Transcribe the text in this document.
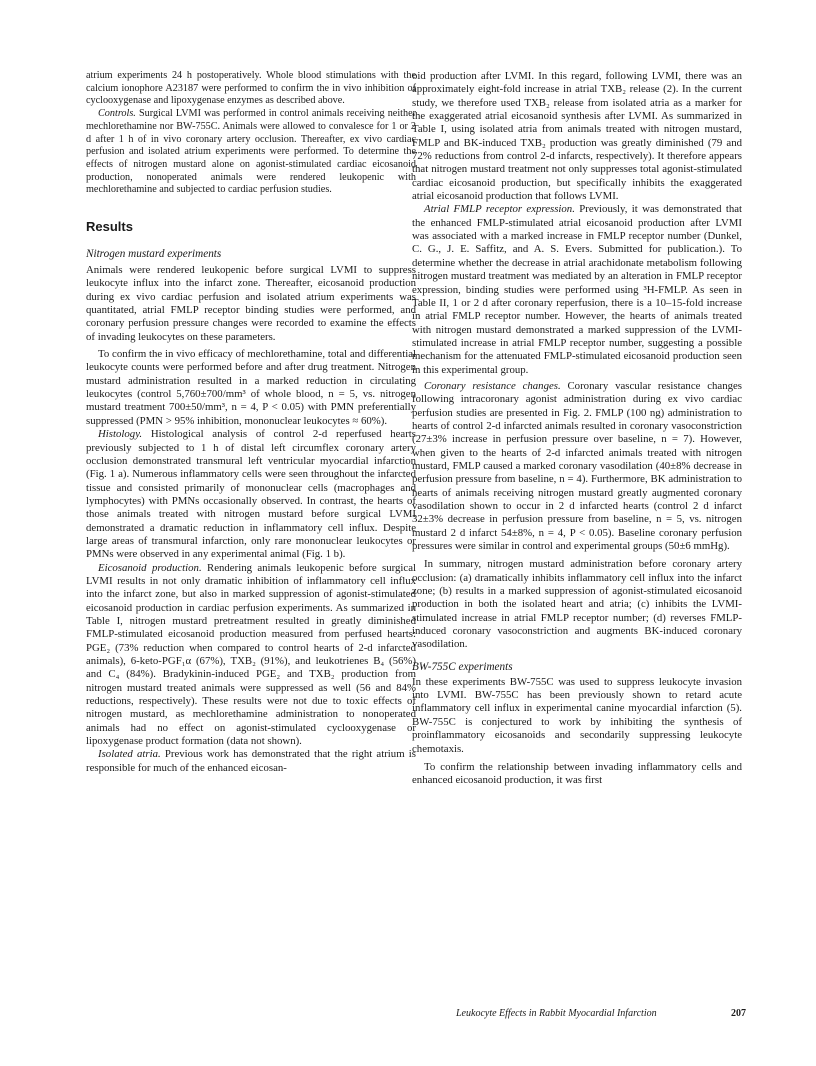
atrium experiments 24 h postoperatively. Whole blood stimulations with the calcium ionophore A23187 were performed to confirm the in vivo inhibition of cyclooxygenase and lipoxygenase enzymes as described above.

Controls. Surgical LVMI was performed in control animals receiving neither mechlorethamine nor BW-755C. Animals were allowed to convalesce for 1 or 2 d after 1 h of in vivo coronary artery occlusion. Thereafter, ex vivo cardiac perfusion and isolated atrium experiments were performed. To determine the effects of nitrogen mustard alone on agonist-stimulated cardiac eicosanoid production, nonoperated animals were rendered leukopenic with mechlorethamine and subjected to cardiac perfusion studies.

Results
Nitrogen mustard experiments

Animals were rendered leukopenic before surgical LVMI to suppress leukocyte influx into the infarct zone. Thereafter, eicosanoid production during ex vivo cardiac perfusion and isolated atrium experiments was quantitated, atrial FMLP receptor binding studies were performed, and coronary perfusion pressure changes were recorded to examine the effects of invading leukocytes on these parameters.

To confirm the in vivo efficacy of mechlorethamine, total and differential leukocyte counts were performed before and after drug treatment. Nitrogen mustard administration resulted in a marked reduction in circulating leukocytes (control 5,760±700/mm³ of whole blood, n = 5, vs. nitrogen mustard treatment 700±50/mm³, n = 4, P < 0.05) with PMN preferentially suppressed (PMN > 95% inhibition, mononuclear leukocytes ≈ 60%).

Histology. Histological analysis of control 2-d reperfused hearts previously subjected to 1 h of distal left circumflex coronary artery occlusion demonstrated transmural left ventricular myocardial infarction (Fig. 1 a). Numerous inflammatory cells were seen throughout the infarcted tissue and consisted primarily of mononuclear cells (macrophages and lymphocytes) with PMNs occasionally observed. In contrast, the hearts of those animals treated with nitrogen mustard before surgical LVMI demonstrated a dramatic reduction in inflammatory cell influx. Despite large areas of transmural infarction, only rare mononuclear leukocytes or PMNs were observed in any experimental animal (Fig. 1 b).

Eicosanoid production. Rendering animals leukopenic before surgical LVMI results in not only dramatic inhibition of inflammatory cell influx into the infarct zone, but also in marked suppression of agonist-stimulated eicosanoid production in cardiac perfusion experiments. As summarized in Table I, nitrogen mustard pretreatment resulted in greatly diminished FMLP-stimulated eicosanoid production measured from perfused hearts: PGE₂ (73% reduction when compared to control hearts of 2-d infarcted animals), 6-keto-PGF₁α (67%), TXB₂ (91%), and leukotrienes B₄ (56%) and C₄ (84%). Bradykinin-induced PGE₂ and TXB₂ production from nitrogen mustard treated animals were suppressed as well (56 and 84% reductions, respectively). These results were not due to toxic effects of nitrogen mustard, as mechlorethamine administration to nonoperated animals had no effect on agonist-stimulated cyclooxygenase or lipoxygenase product formation (data not shown).

Isolated atria. Previous work has demonstrated that the right atrium is responsible for much of the enhanced eicosan-

oid production after LVMI. In this regard, following LVMI, there was an approximately eight-fold increase in atrial TXB₂ release (2). In the current study, we therefore used TXB₂ release from isolated atria as a marker for the exaggerated atrial eicosanoid synthesis after LVMI. As summarized in Table I, using isolated atria from animals treated with nitrogen mustard, FMLP and BK-induced TXB₂ production was greatly diminished (79 and 72% reductions from control 2-d infarcts, respectively). It therefore appears that nitrogen mustard treatment not only suppresses total agonist-stimulated cardiac eicosanoid production, but specifically inhibits the exaggerated atrial eicosanoid production that follows LVMI.

Atrial FMLP receptor expression. Previously, it was demonstrated that the enhanced FMLP-stimulated atrial eicosanoid production after LVMI was associated with a marked increase in FMLP receptor number (Dunkel, C. G., J. E. Saffitz, and A. S. Evers. Submitted for publication.). To determine whether the decrease in atrial arachidonate metabolism following nitrogen mustard treatment was mediated by an alteration in FMLP receptor expression, binding studies were performed using ³H-FMLP. As seen in Table II, 1 or 2 d after coronary reperfusion, there is a 10–15-fold increase in atrial FMLP receptor number. However, the hearts of animals treated with nitrogen mustard demonstrated a marked suppression of the LVMI-stimulated increase in atrial FMLP receptor number, suggesting a possible mechanism for the attenuated FMLP-stimulated eicosanoid production seen in this experimental group.

Coronary resistance changes. Coronary vascular resistance changes following intracoronary agonist administration during ex vivo cardiac perfusion studies are presented in Fig. 2. FMLP (100 ng) administration to hearts of control 2-d infarcted animals resulted in coronary vasoconstriction (27±3% increase in perfusion pressure over baseline, n = 7). However, when given to the hearts of 2-d infarcted animals treated with nitrogen mustard, FMLP caused a marked coronary vasodilation (40±8% decrease in perfusion pressure from baseline, n = 4). Furthermore, BK administration to hearts of animals receiving nitrogen mustard greatly augmented coronary vasodilation shown to occur in 2 d infarcted hearts (control 2 d infarct 32±3% decrease in perfusion pressure from baseline, n = 5, vs. nitrogen mustard 2 d infarct 54±8%, n = 4, P < 0.05). Baseline coronary perfusion pressures were similar in control and experimental groups (50±6 mmHg).

In summary, nitrogen mustard administration before coronary artery occlusion: (a) dramatically inhibits inflammatory cell influx into the infarct zone; (b) results in a marked suppression of agonist-stimulated eicosanoid production in both the isolated heart and atria; (c) inhibits the LVMI-stimulated increase in atrial FMLP receptor number; (d) reverses FMLP-induced coronary vasoconstriction and augments BK-induced coronary vasodilation.

BW-755C experiments

In these experiments BW-755C was used to suppress leukocyte invasion into LVMI. BW-755C has been previously shown to retard acute inflammatory cell influx in experimental canine myocardial infarction (5). BW-755C is conjectured to work by inhibiting the synthesis of proinflammatory eicosanoids and secondarily suppressing leukocyte chemotaxis.

To confirm the relationship between invading inflammatory cells and enhanced eicosanoid production, it was first

Leukocyte Effects in Rabbit Myocardial Infarction	207
